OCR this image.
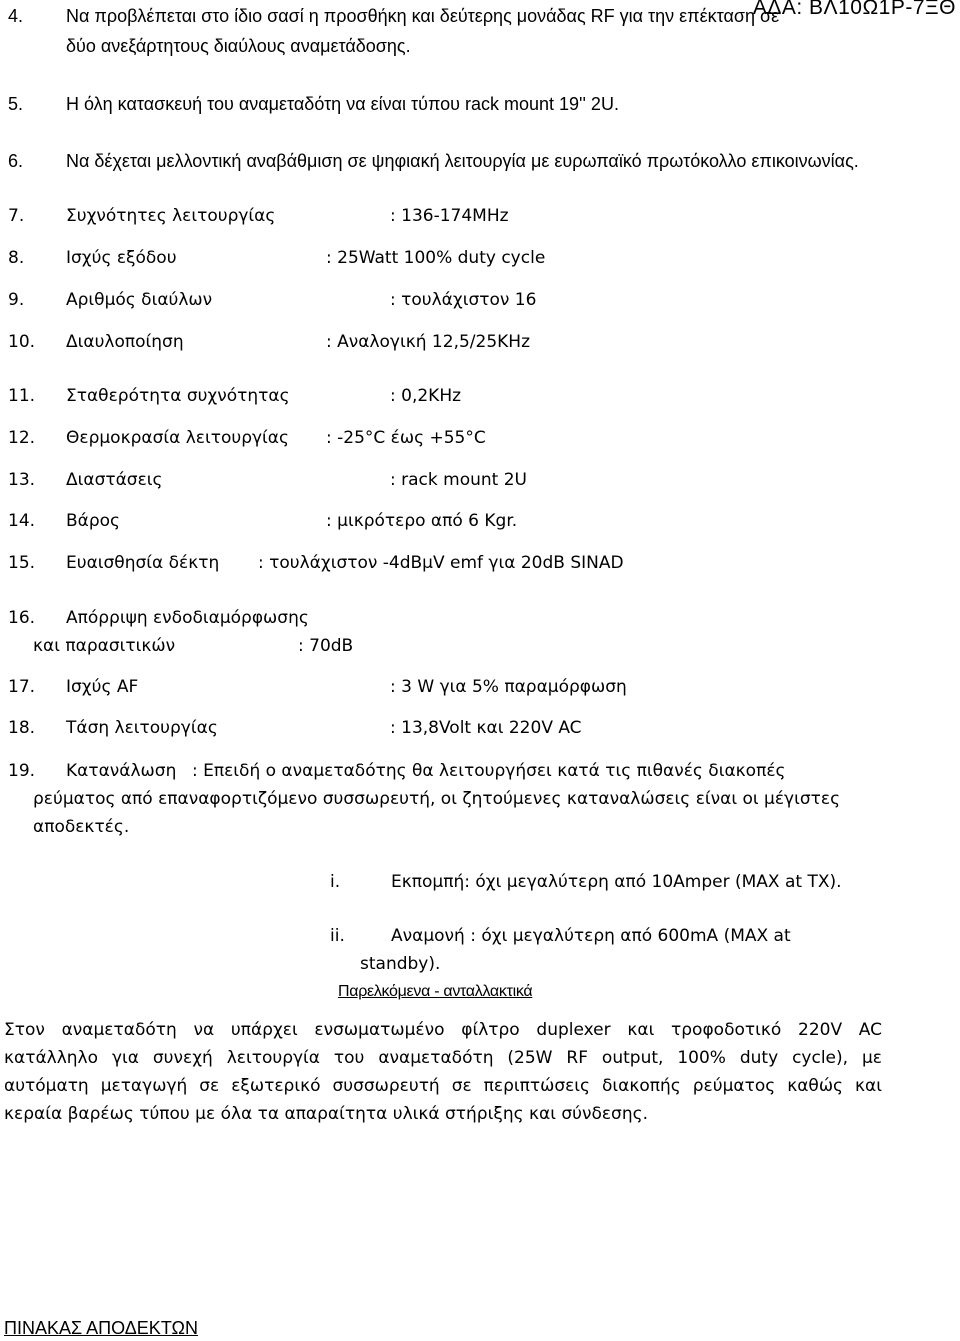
ΑΔΑ: ΒΛ10Ω1Ρ-7ΞΘ
4. Να προβλέπεται στο ίδιο σασί η προσθήκη και δεύτερης μονάδας RF για την επέκταση σε
δύο ανεξάρτητους διαύλους αναμετάδοσης.
5. Η όλη κατασκευή του αναμεταδότη να είναι τύπου rack mount 19'' 2U.
6. Να δέχεται μελλοντική αναβάθμιση σε ψηφιακή λειτουργία με ευρωπαϊκό πρωτόκολλο επικοινωνίας.
7. Συχνότητες λειτουργίας	: 136-174MHz
8. Ισχύς εξόδου	: 25Watt 100% duty cycle
9. Αριθμός διαύλων	: τουλάχιστον 16
10. Διαυλοποίηση	: Αναλογική 12,5/25KHz
11. Σταθερότητα συχνότητας	: 0,2KHz
12. Θερμοκρασία λειτουργίας : -25°C έως +55°C
13. Διαστάσεις	: rack mount 2U
14. Βάρος	: μικρότερο από 6 Kgr.
15. Ευαισθησία δέκτη : τουλάχιστον -4dBμV emf για 20dB SINAD
16. Απόρριψη ενδοδιαμόρφωσης
και παρασιτικών	: 70dB
17. Ισχύς AF	: 3 W για 5% παραμόρφωση
18. Τάση λειτουργίας	: 13,8Volt και 220V AC
19. Κατανάλωση : Επειδή ο αναμεταδότης θα λειτουργήσει κατά τις πιθανές διακοπές
ρεύματος από επαναφορτιζόμενο συσσωρευτή, οι ζητούμενες καταναλώσεις είναι οι μέγιστες
αποδεκτές.
i.	Εκπομπή: όχι μεγαλύτερη από 10Amper (MAX at TX).
ii.	Αναμονή : όχι μεγαλύτερη από 600mA (MAX at
standby).
Παρελκόμενα - ανταλλακτικά
Στον αναμεταδότη να υπάρχει ενσωματωμένο φίλτρο duplexer και τροφοδοτικό 220V AC
κατάλληλο για συνεχή λειτουργία του αναμεταδότη (25W RF output, 100% duty cycle), με
αυτόματη μεταγωγή σε εξωτερικό συσσωρευτή σε περιπτώσεις διακοπής ρεύματος καθώς και
κεραία βαρέως τύπου με όλα τα απαραίτητα υλικά στήριξης και σύνδεσης.
ΠΙΝΑΚΑΣ ΑΠΟΔΕΚΤΩΝ
